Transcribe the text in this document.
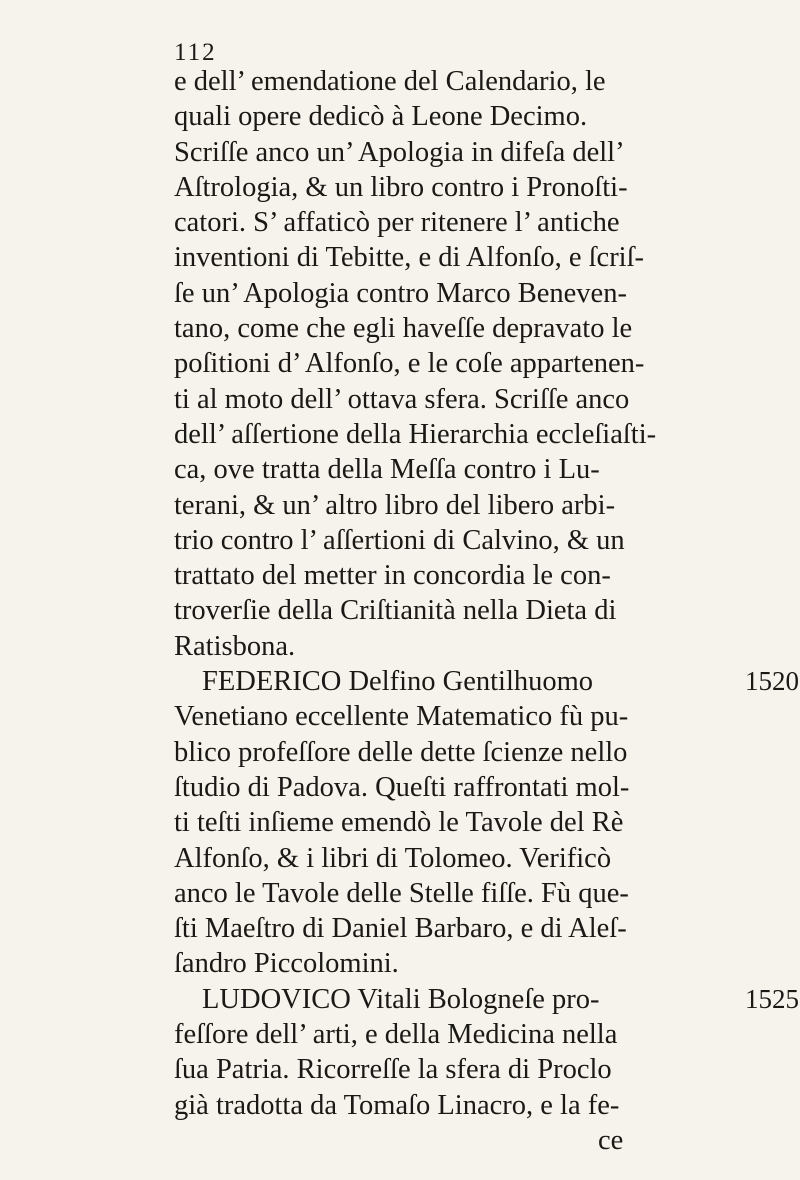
112
e dell’ emendatione del Calendario, le
quali opere dedicò à Leone Decimo.
Scriſſe anco un’ Apologia in difeſa dell’
Aſtrologia, & un libro contro i Pronoſti-
catori. S’ affaticò per ritenere l’ antiche
inventioni di Tebitte, e di Alfonſo, e ſcriſ-
ſe un’ Apologia contro Marco Beneven-
tano, come che egli haveſſe depravato le
poſitioni d’ Alfonſo, e le coſe appartenen-
ti al moto dell’ ottava sfera. Scriſſe anco
dell’ aſſertione della Hierarchia eccleſiaſti-
ca, ove tratta della Meſſa contro i Lu-
terani, & un’ altro libro del libero arbi-
trio contro l’ aſſertioni di Calvino, & un
trattato del metter in concordia le con-
troverſie della Criſtianità nella Dieta di
Ratisbona.
FEDERICO Delfino Gentilhuomo
Venetiano eccellente Matematico fù pu-
blico profeſſore delle dette ſcienze nello
ſtudio di Padova. Queſti raffrontati mol-
ti teſti inſieme emendò le Tavole del Rè
Alfonſo, & i libri di Tolomeo. Verificò
anco le Tavole delle Stelle fiſſe. Fù que-
ſti Maeſtro di Daniel Barbaro, e di Aleſ-
ſandro Piccolomini.
LUDOVICO Vitali Bologneſe pro-
feſſore dell’ arti, e della Medicina nella
ſua Patria. Ricorreſſe la sfera di Proclo
già tradotta da Tomaſo Linacro, e la fe-
ce
1520
1525
